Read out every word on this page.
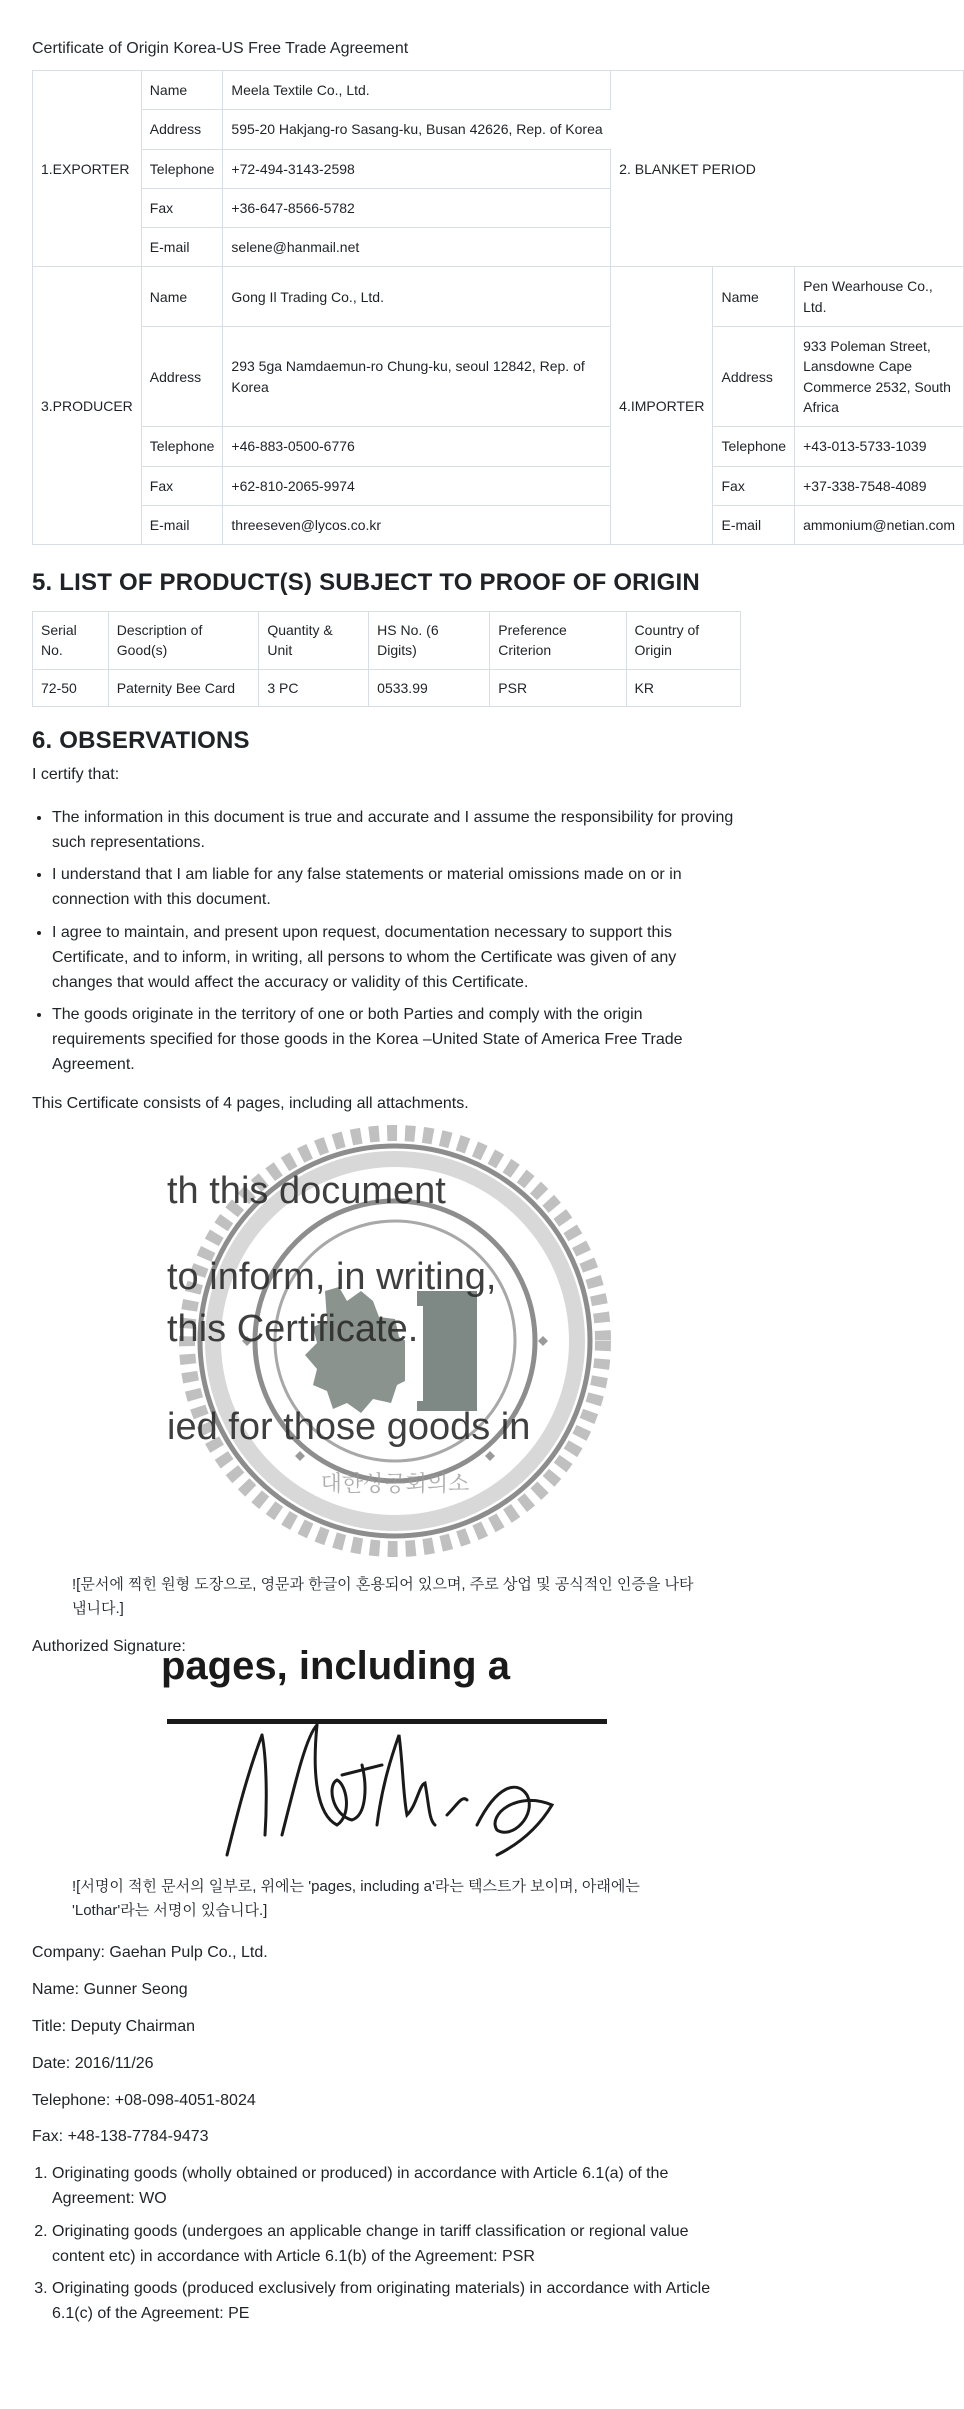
Certificate of Origin Korea-US Free Trade Agreement
1.EXPORTER	Name	Meela Textile Co., Ltd.	2. BLANKET PERIOD		
	Address	595-20 Hakjang-ro Sasang-ku, Busan 42626, Rep. of Korea			
	Telephone	+72-494-3143-2598			
	Fax	+36-647-8566-5782			
	E-mail	selene@hanmail.net			
3.PRODUCER	Name	Gong Il Trading Co., Ltd.	4.IMPORTER	Name	Pen Wearhouse Co., Ltd.
	Address	293 5ga Namdaemun-ro Chung-ku, seoul 12842, Rep. of Korea		Address	933 Poleman Street, Lansdowne Cape Commerce 2532, South Africa
	Telephone	+46-883-0500-6776		Telephone	+43-013-5733-1039
	Fax	+62-810-2065-9974		Fax	+37-338-7548-4089
	E-mail	threeseven@lycos.co.kr		E-mail	ammonium@netian.com
5. LIST OF PRODUCT(S) SUBJECT TO PROOF OF ORIGIN
Serial No.	Description of Good(s)	Quantity & Unit	HS No. (6 Digits)	Preference Criterion	Country of Origin
72-50	Paternity Bee Card	3 PC	0533.99	PSR	KR
6. OBSERVATIONS

I certify that:

• The information in this document is true and accurate and I assume the responsibility for proving such representations.
• I understand that I am liable for any false statements or material omissions made on or in connection with this document.
• I agree to maintain, and present upon request, documentation necessary to support this Certificate, and to inform, in writing, all persons to whom the Certificate was given of any changes that would affect the accuracy or validity of this Certificate.
• The goods originate in the territory of one or both Parties and comply with the origin requirements specified for those goods in the Korea –United State of America Free Trade Agreement.

This Certificate consists of 4 pages, including all attachments.

th this document
to inform, in writing,
this Certificate.
ied for those goods in
대한상공회의소
![문서에 찍힌 원형 도장으로, 영문과 한글이 혼용되어 있으며, 주로 상업 및 공식적인 인증을 나타냅니다.]

Authorized Signature:

pages, including a
![서명이 적힌 문서의 일부로, 위에는 'pages, including a'라는 텍스트가 보이며, 아래에는 'Lothar'라는 서명이 있습니다.]

Company: Gaehan Pulp Co., Ltd.

Name: Gunner Seong

Title: Deputy Chairman

Date: 2016/11/26

Telephone: +08-098-4051-8024

Fax: +48-138-7784-9473

1. Originating goods (wholly obtained or produced) in accordance with Article 6.1(a) of the Agreement: WO
2. Originating goods (undergoes an applicable change in tariff classification or regional value content etc) in accordance with Article 6.1(b) of the Agreement: PSR
3. Originating goods (produced exclusively from originating materials) in accordance with Article 6.1(c) of the Agreement: PE
